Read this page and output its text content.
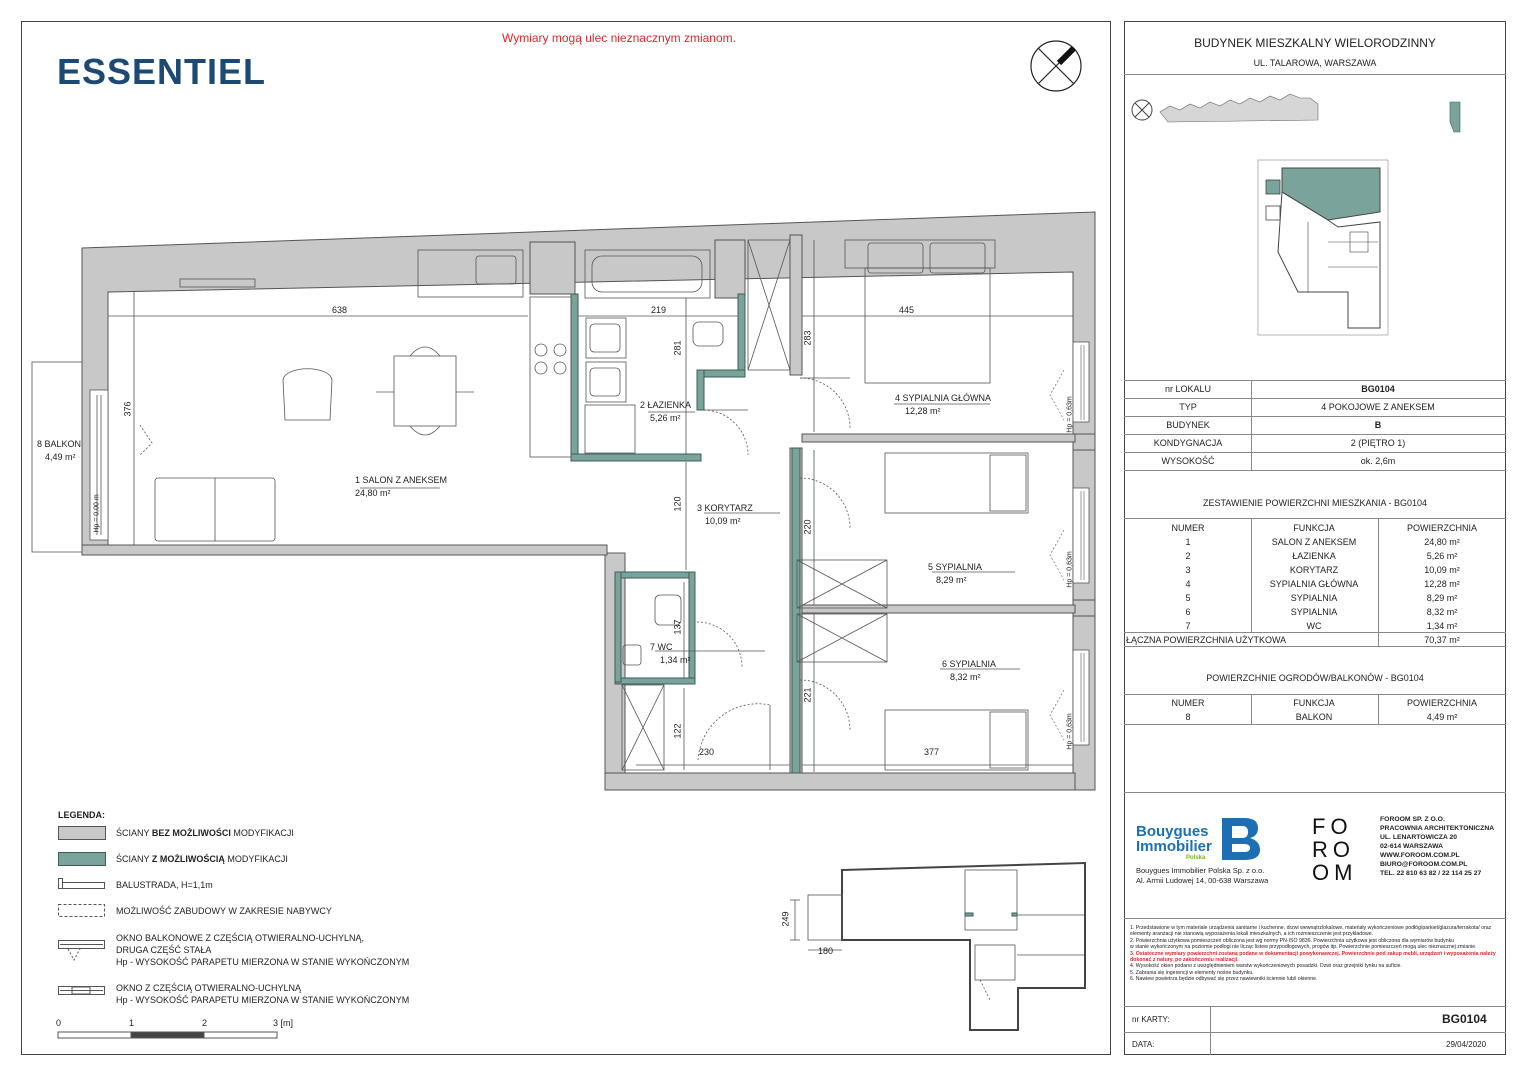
ESSENTIEL
Wymiary mogą ulec nieznacznym zmianom.
638	219	445
281
283
376
120
220
137
221
122
230	377
Hp = 0,00 m
Hp = 0,63m
Hp = 0,63m
Hp = 0,63m
1 SALON Z ANEKSEM
24,80 m²
2 ŁAZIENKA
5,26 m²
3 KORYTARZ
10,09 m²
4 SYPIALNIA GŁÓWNA
12,28 m²
5 SYPIALNIA
8,29 m²
6 SYPIALNIA
8,32 m²
7 WC
1,34 m²
8 BALKON
4,49 m²
LEGENDA:
ŚCIANY BEZ MOŻLIWOŚCI MODYFIKACJI
ŚCIANY Z MOŻLIWOŚCIĄ MODYFIKACJI
BALUSTRADA, H=1,1m
MOŻLIWOŚĆ ZABUDOWY W ZAKRESIE NABYWCY
OKNO BALKONOWE Z CZĘŚCIĄ OTWIERALNO-UCHYLNĄ,
DRUGA CZĘŚĆ STAŁA
Hp - WYSOKOŚĆ PARAPETU MIERZONA W STANIE WYKOŃCZONYM
OKNO Z CZĘŚCIĄ OTWIERALNO-UCHYLNĄ
Hp - WYSOKOŚĆ PARAPETU MIERZONA W STANIE WYKOŃCZONYM
0	1	2	3 [m]
249
180
BUDYNEK MIESZKALNY WIELORODZINNY
UL. TALAROWA, WARSZAWA
nr LOKALU	BG0104
TYP	4 POKOJOWE Z ANEKSEM
BUDYNEK	B
KONDYGNACJA	2 (PIĘTRO 1)
WYSOKOŚĆ	ok. 2,6m
ZESTAWIENIE POWIERZCHNI MIESZKANIA - BG0104
NUMER	FUNKCJA	POWIERZCHNIA
1	SALON Z ANEKSEM	24,80 m²
2	ŁAZIENKA	5,26 m²
3	KORYTARZ	10,09 m²
4	SYPIALNIA GŁÓWNA	12,28 m²
5	SYPIALNIA	8,29 m²
6	SYPIALNIA	8,32 m²
7	WC	1,34 m²
ŁĄCZNA POWIERZCHNIA UŻYTKOWA	70,37 m²
POWIERZCHNIE OGRODÓW/BALKONÓW - BG0104
NUMER	FUNKCJA	POWIERZCHNIA
8	BALKON	4,49 m²
Bouygues
Immobilier
Polska
Bouygues Immobilier Polska Sp. z o.o.
Al. Armii Ludowej 14, 00-638 Warszawa
FO
RO
OM
FOROOM SP. Z O.O.
PRACOWNIA ARCHITEKTONICZNA
UL. LENARTOWICZA 20
02-614 WARSZAWA
WWW.FOROOM.COM.PL
BIURO@FOROOM.COM.PL
TEL. 22 810 63 82 / 22 114 25 27
1. Przedstawione w tym materiale urządzenia sanitarne i kuchenne, drzwi wewnątrzlokalowe, materiały wykończeniowe podłóg/parkiet/glazura/terrakota/ oraz
elementy aranżacji nie stanowią wyposażenia lokali mieszkalnych, a ich rozmieszczenie jest przykładowe.
2. Powierzchnia użytkowa pomieszczeń obliczona jest wg normy PN-ISO 9836. Powierzchnia użytkowa jest obliczona dla wymiarów budynku
w stanie wykończonym na poziomie podłogi nie licząc listew przypodłogowych, progów itp. Powierzchnie pomieszczeń mogą ulec nieznacznej zmianie.
3. Ostateczne wymiary powierzchni zostaną podane w dokumentacji powykonawczej. Powierzchnie pod zakup mebli, urządzeń i wyposażenia należy
dokonać z natury, po zakończeniu realizacji.
4. Wysokość okien podano z uwzględnieniem warstw wykończeniowych posadzki. Dzwi oraz grzejniki tynku na suficie.
5. Zabrania się ingerencji w elementy nośne budynku.
6. Nawiew powietrza będzie odbywać się przez nawiewniki ściennie lub/i okienne.
nr KARTY:	BG0104
DATA:	29/04/2020
